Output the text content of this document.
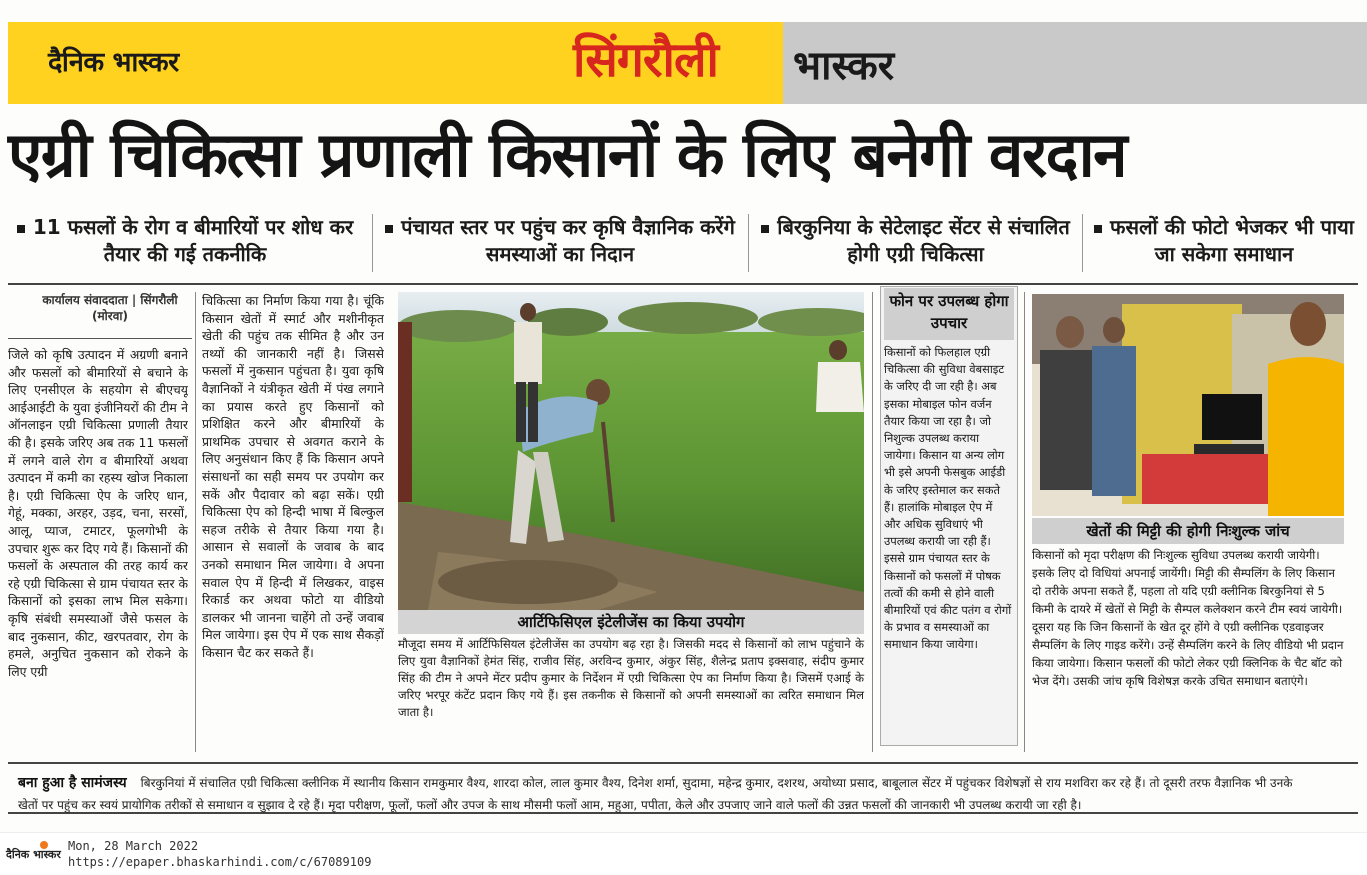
दैनिक भास्कर	सिंगरौली भास्कर
एग्री चिकित्सा प्रणाली किसानों के लिए बनेगी वरदान
11 फसलों के रोग व बीमारियों पर शोध कर तैयार की गई तकनीकि
पंचायत स्तर पर पहुंच कर कृषि वैज्ञानिक करेंगे समस्याओं का निदान
बिरकुनिया के सेटेलाइट सेंटर से संचालित होगी एग्री चिकित्सा
फसलों की फोटो भेजकर भी पाया जा सकेगा समाधान
कार्यालय संवाददाता | सिंगरौली (मोरवा)
जिले को कृषि उत्पादन में अग्रणी बनाने और फसलों को बीमारियों से बचाने के लिए एनसीएल के सहयोग से बीएचयू आईआईटी के युवा इंजीनियरों की टीम ने ऑनलाइन एग्री चिकित्सा प्रणाली तैयार की है। इसके जरिए अब तक 11 फसलों में लगने वाले रोग व बीमारियों अथवा उत्पादन में कमी का रहस्य खोज निकाला है। एग्री चिकित्सा ऐप के जरिए धान, गेहूं, मक्का, अरहर, उड़द, चना, सरसों, आलू, प्याज, टमाटर, फूलगोभी के उपचार शुरू कर दिए गये हैं। किसानों की फसलों के अस्पताल की तरह कार्य कर रहे एग्री चिकित्सा से ग्राम पंचायत स्तर के किसानों को इसका लाभ मिल सकेगा। कृषि संबंधी समस्याओं जैसे फसल के बाद नुकसान, कीट, खरपतवार, रोग के हमले, अनुचित नुकसान को रोकने के लिए एग्री
चिकित्सा का निर्माण किया गया है। चूंकि किसान खेतों में स्मार्ट और मशीनीकृत खेती की पहुंच तक सीमित है और उन तथ्यों की जानकारी नहीं है। जिससे फसलों में नुकसान पहुंचता है। युवा कृषि वैज्ञानिकों ने यंत्रीकृत खेती में पंख लगाने का प्रयास करते हुए किसानों को प्रशिक्षित करने और बीमारियों के प्राथमिक उपचार से अवगत कराने के लिए अनुसंधान किए हैं कि किसान अपने संसाधनों का सही समय पर उपयोग कर सकें और पैदावार को बढ़ा सकें। एग्री चिकित्सा ऐप को हिन्दी भाषा में बिल्कुल सहज तरीके से तैयार किया गया है। आसान से सवालों के जवाब के बाद उनको समाधान मिल जायेगा। वे अपना सवाल ऐप में हिन्दी में लिखकर, वाइस रिकार्ड कर अथवा फोटो या वीडियो डालकर भी जानना चाहेंगे तो उन्हें जवाब मिल जायेगा। इस ऐप में एक साथ सैकड़ों किसान चैट कर सकते हैं।
आर्टिफिसिएल इंटेलीजेंस का किया उपयोग
मौजूदा समय में आर्टिफिसियल इंटेलीजेंस का उपयोग बढ़ रहा है। जिसकी मदद से किसानों को लाभ पहुंचाने के लिए युवा वैज्ञानिकों हेमंत सिंह, राजीव सिंह, अरविन्द कुमार, अंकुर सिंह, शैलेन्द्र प्रताप इक्सवाह, संदीप कुमार सिंह की टीम ने अपने मेंटर प्रदीप कुमार के निर्देशन में एग्री चिकित्सा ऐप का निर्माण किया है। जिसमें एआई के जरिए भरपूर कंटेंट प्रदान किए गये हैं। इस तकनीक से किसानों को अपनी समस्याओं का त्वरित समाधान मिल जाता है।
फोन पर उपलब्ध होगा उपचार
किसानों को फिलहाल एग्री चिकित्सा की सुविधा वेबसाइट के जरिए दी जा रही है। अब इसका मोबाइल फोन वर्जन तैयार किया जा रहा है। जो निशुल्क उपलब्ध कराया जायेगा। किसान या अन्य लोग भी इसे अपनी फेसबुक आईडी के जरिए इस्तेमाल कर सकते हैं। हालांकि मोबाइल ऐप में और अधिक सुविधाएं भी उपलब्ध करायी जा रही हैं। इससे ग्राम पंचायत स्तर के किसानों को फसलों में पोषक तत्वों की कमी से होने वाली बीमारियों एवं कीट पतंग व रोगों के प्रभाव व समस्याओं का समाधान किया जायेगा।
खेतों की मिट्टी की होगी निःशुल्क जांच
किसानों को मृदा परीक्षण की निःशुल्क सुविधा उपलब्ध करायी जायेगी। इसके लिए दो विधियां अपनाई जायेंगी। मिट्टी की सैम्पलिंग के लिए किसान दो तरीके अपना सकते हैं, पहला तो यदि एग्री क्लीनिक बिरकुनियां से 5 किमी के दायरे में खेतों से मिट्टी के सैम्पल कलेक्शन करने टीम स्वयं जायेगी। दूसरा यह कि जिन किसानों के खेत दूर होंगे वे एग्री क्लीनिक एडवाइजर सैम्पलिंग के लिए गाइड करेंगे। उन्हें सैम्पलिंग करने के लिए वीडियो भी प्रदान किया जायेगा। किसान फसलों की फोटो लेकर एग्री क्लिनिक के चैट बॉट को भेज देंगे। उसकी जांच कृषि विशेषज्ञ करके उचित समाधान बताएंगे।
बना हुआ है सामंजस्य बिरकुनियां में संचालित एग्री चिकित्सा क्लीनिक में स्थानीय किसान रामकुमार वैश्य, शारदा कोल, लाल कुमार वैश्य, दिनेश शर्मा, सुदामा, महेन्द्र कुमार, दशरथ, अयोध्या प्रसाद, बाबूलाल सेंटर में पहुंचकर विशेषज्ञों से राय मशविरा कर रहे हैं। तो दूसरी तरफ वैज्ञानिक भी उनके खेतों पर पहुंच कर स्वयं प्रायोगिक तरीकों से समाधान व सुझाव दे रहे हैं। मृदा परीक्षण, फूलों, फलों और उपज के साथ मौसमी फलों आम, महुआ, पपीता, केले और उपजाए जाने वाले फलों की उन्नत फसलों की जानकारी भी उपलब्ध करायी जा रही है।
दैनिक भास्कर
Mon, 28 March 2022
https://epaper.bhaskarhindi.com/c/67089109
